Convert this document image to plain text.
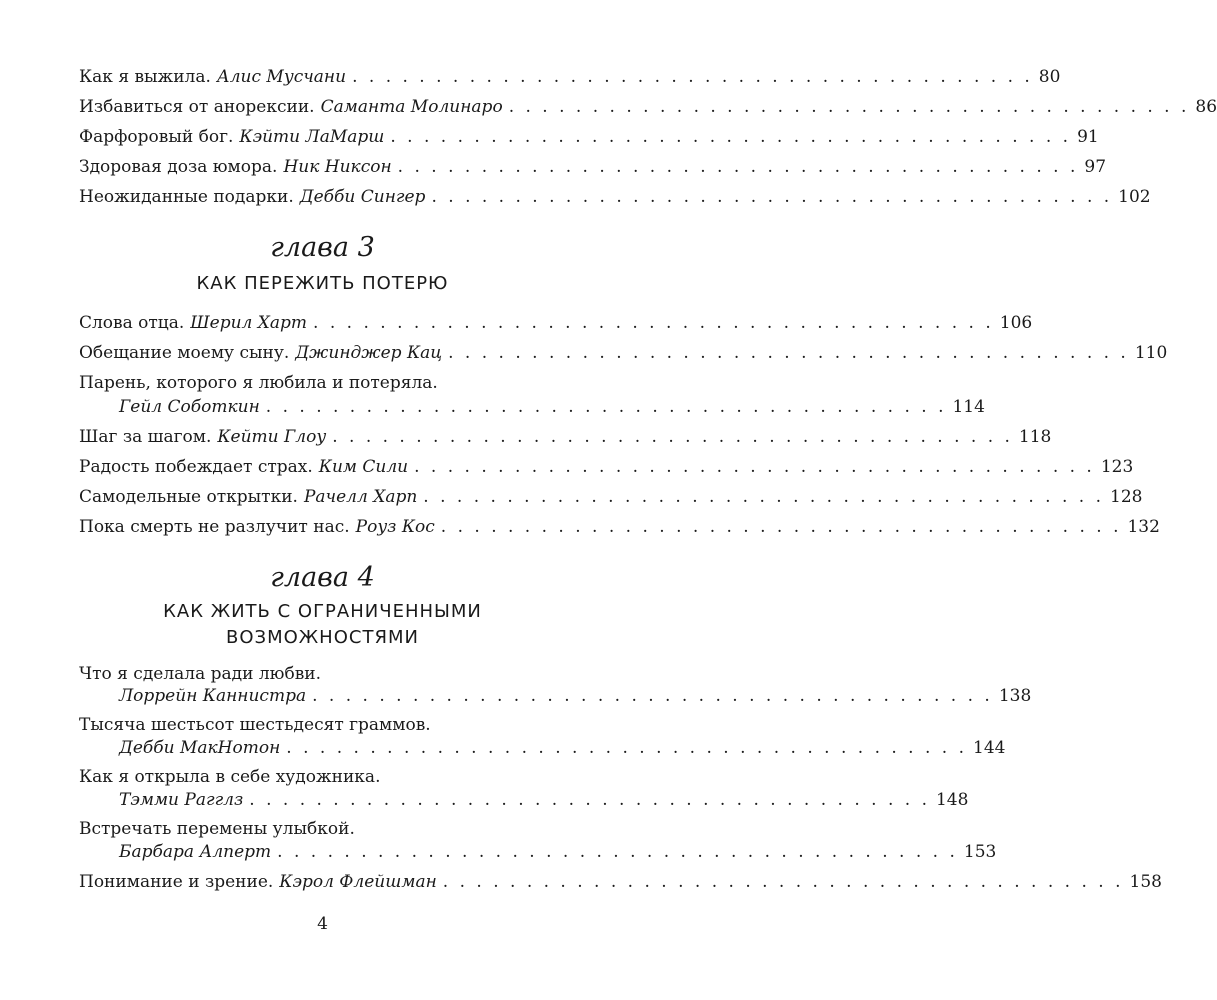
Как я выжила. Алис Мусчани . . . . . . . . . . . . . . . . . . . . . . . . . . . . . . . . . . . . . . . . . 80
Избавиться от анорексии. Саманта Молинаро . . . . . . . . . . . . . . . . . . . . . . . . . . . . . . . . . . . . . . . . . 86
Фарфоровый бог. Кэйти ЛаМарш . . . . . . . . . . . . . . . . . . . . . . . . . . . . . . . . . . . . . . . . . 91
Здоровая доза юмора. Ник Никсон . . . . . . . . . . . . . . . . . . . . . . . . . . . . . . . . . . . . . . . . . 97
Неожиданные подарки. Дебби Сингер . . . . . . . . . . . . . . . . . . . . . . . . . . . . . . . . . . . . . . . . . 102
глава 3
КАК ПЕРЕЖИТЬ ПОТЕРЮ
Слова отца. Шерил Харт . . . . . . . . . . . . . . . . . . . . . . . . . . . . . . . . . . . . . . . . . 106
Обещание моему сыну. Джинджер Кац . . . . . . . . . . . . . . . . . . . . . . . . . . . . . . . . . . . . . . . . . 110
Парень, которого я любила и потеряла.
Гейл Соботкин . . . . . . . . . . . . . . . . . . . . . . . . . . . . . . . . . . . . . . . . . 114
Шаг за шагом. Кейти Глоу . . . . . . . . . . . . . . . . . . . . . . . . . . . . . . . . . . . . . . . . . 118
Радость побеждает страх. Ким Сили . . . . . . . . . . . . . . . . . . . . . . . . . . . . . . . . . . . . . . . . . 123
Самодельные открытки. Рачелл Харп . . . . . . . . . . . . . . . . . . . . . . . . . . . . . . . . . . . . . . . . . 128
Пока смерть не разлучит нас. Роуз Кос . . . . . . . . . . . . . . . . . . . . . . . . . . . . . . . . . . . . . . . . . 132
глава 4
КАК ЖИТЬ С ОГРАНИЧЕННЫМИ
ВОЗМОЖНОСТЯМИ
Что я сделала ради любви.
Лоррейн Каннистра . . . . . . . . . . . . . . . . . . . . . . . . . . . . . . . . . . . . . . . . . 138
Тысяча шестьсот шестьдесят граммов.
Дебби МакНотон . . . . . . . . . . . . . . . . . . . . . . . . . . . . . . . . . . . . . . . . . 144
Как я открыла в себе художника.
Тэмми Рагглз . . . . . . . . . . . . . . . . . . . . . . . . . . . . . . . . . . . . . . . . . 148
Встречать перемены улыбкой.
Барбара Алперт . . . . . . . . . . . . . . . . . . . . . . . . . . . . . . . . . . . . . . . . . 153
Понимание и зрение. Кэрол Флейшман . . . . . . . . . . . . . . . . . . . . . . . . . . . . . . . . . . . . . . . . . 158
4
